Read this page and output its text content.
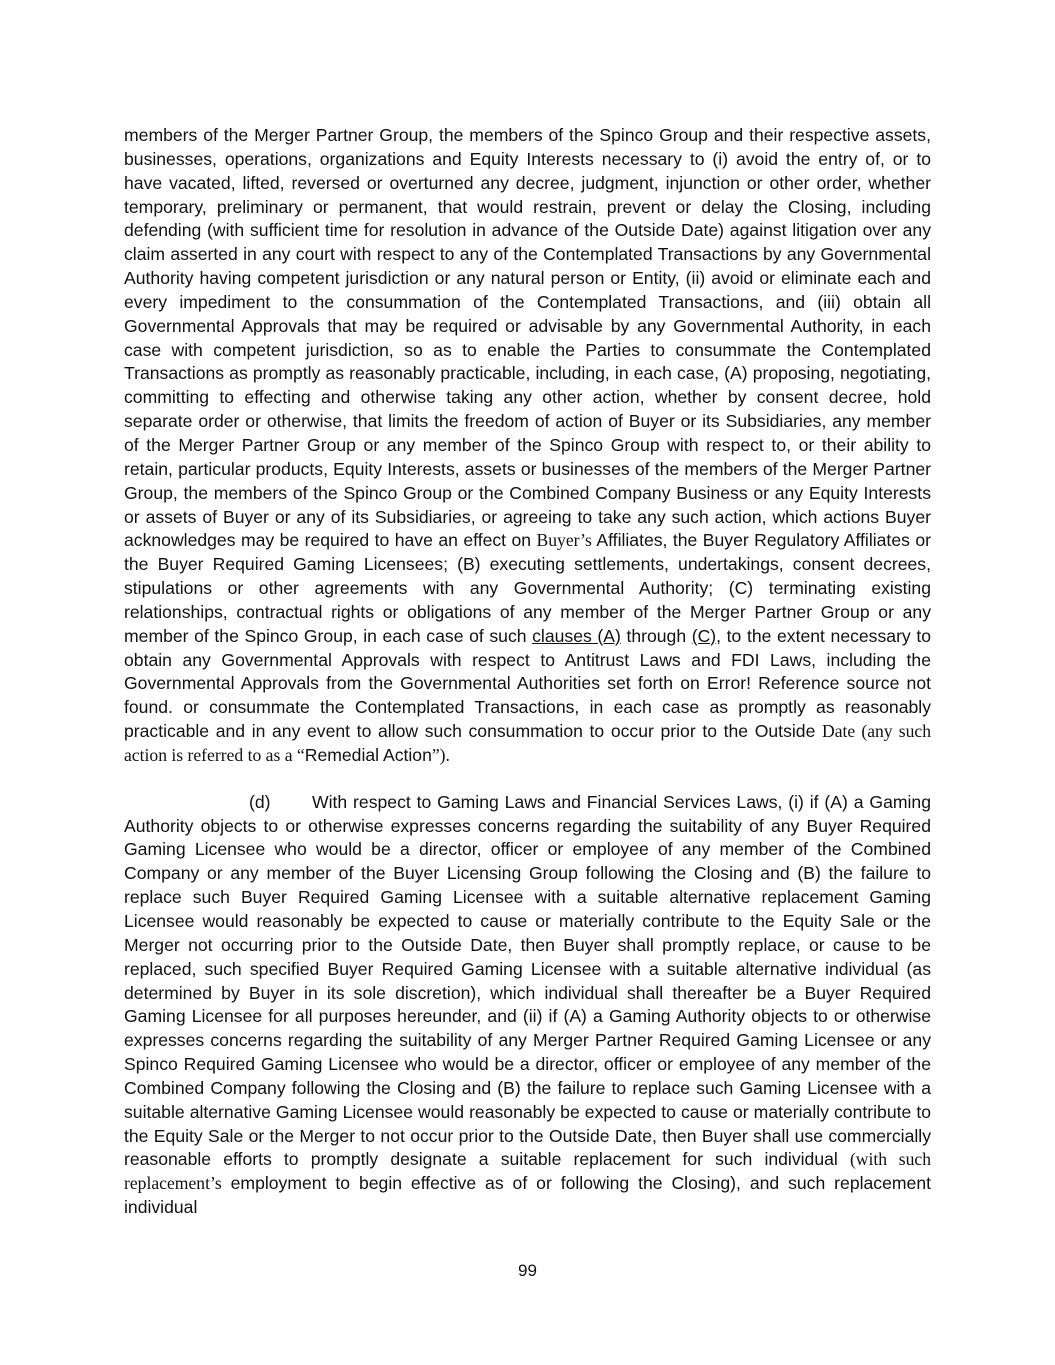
members of the Merger Partner Group, the members of the Spinco Group and their respective assets, businesses, operations, organizations and Equity Interests necessary to (i) avoid the entry of, or to have vacated, lifted, reversed or overturned any decree, judgment, injunction or other order, whether temporary, preliminary or permanent, that would restrain, prevent or delay the Closing, including defending (with sufficient time for resolution in advance of the Outside Date) against litigation over any claim asserted in any court with respect to any of the Contemplated Transactions by any Governmental Authority having competent jurisdiction or any natural person or Entity, (ii) avoid or eliminate each and every impediment to the consummation of the Contemplated Transactions, and (iii) obtain all Governmental Approvals that may be required or advisable by any Governmental Authority, in each case with competent jurisdiction, so as to enable the Parties to consummate the Contemplated Transactions as promptly as reasonably practicable, including, in each case, (A) proposing, negotiating, committing to effecting and otherwise taking any other action, whether by consent decree, hold separate order or otherwise, that limits the freedom of action of Buyer or its Subsidiaries, any member of the Merger Partner Group or any member of the Spinco Group with respect to, or their ability to retain, particular products, Equity Interests, assets or businesses of the members of the Merger Partner Group, the members of the Spinco Group or the Combined Company Business or any Equity Interests or assets of Buyer or any of its Subsidiaries, or agreeing to take any such action, which actions Buyer acknowledges may be required to have an effect on Buyer’s Affiliates, the Buyer Regulatory Affiliates or the Buyer Required Gaming Licensees; (B) executing settlements, undertakings, consent decrees, stipulations or other agreements with any Governmental Authority; (C) terminating existing relationships, contractual rights or obligations of any member of the Merger Partner Group or any member of the Spinco Group, in each case of such clauses (A) through (C), to the extent necessary to obtain any Governmental Approvals with respect to Antitrust Laws and FDI Laws, including the Governmental Approvals from the Governmental Authorities set forth on Error! Reference source not found. or consummate the Contemplated Transactions, in each case as promptly as reasonably practicable and in any event to allow such consummation to occur prior to the Outside Date (any such action is referred to as a “Remedial Action”).

(d) With respect to Gaming Laws and Financial Services Laws, (i) if (A) a Gaming Authority objects to or otherwise expresses concerns regarding the suitability of any Buyer Required Gaming Licensee who would be a director, officer or employee of any member of the Combined Company or any member of the Buyer Licensing Group following the Closing and (B) the failure to replace such Buyer Required Gaming Licensee with a suitable alternative replacement Gaming Licensee would reasonably be expected to cause or materially contribute to the Equity Sale or the Merger not occurring prior to the Outside Date, then Buyer shall promptly replace, or cause to be replaced, such specified Buyer Required Gaming Licensee with a suitable alternative individual (as determined by Buyer in its sole discretion), which individual shall thereafter be a Buyer Required Gaming Licensee for all purposes hereunder, and (ii) if (A) a Gaming Authority objects to or otherwise expresses concerns regarding the suitability of any Merger Partner Required Gaming Licensee or any Spinco Required Gaming Licensee who would be a director, officer or employee of any member of the Combined Company following the Closing and (B) the failure to replace such Gaming Licensee with a suitable alternative Gaming Licensee would reasonably be expected to cause or materially contribute to the Equity Sale or the Merger to not occur prior to the Outside Date, then Buyer shall use commercially reasonable efforts to promptly designate a suitable replacement for such individual (with such replacement’s employment to begin effective as of or following the Closing), and such replacement individual

99
